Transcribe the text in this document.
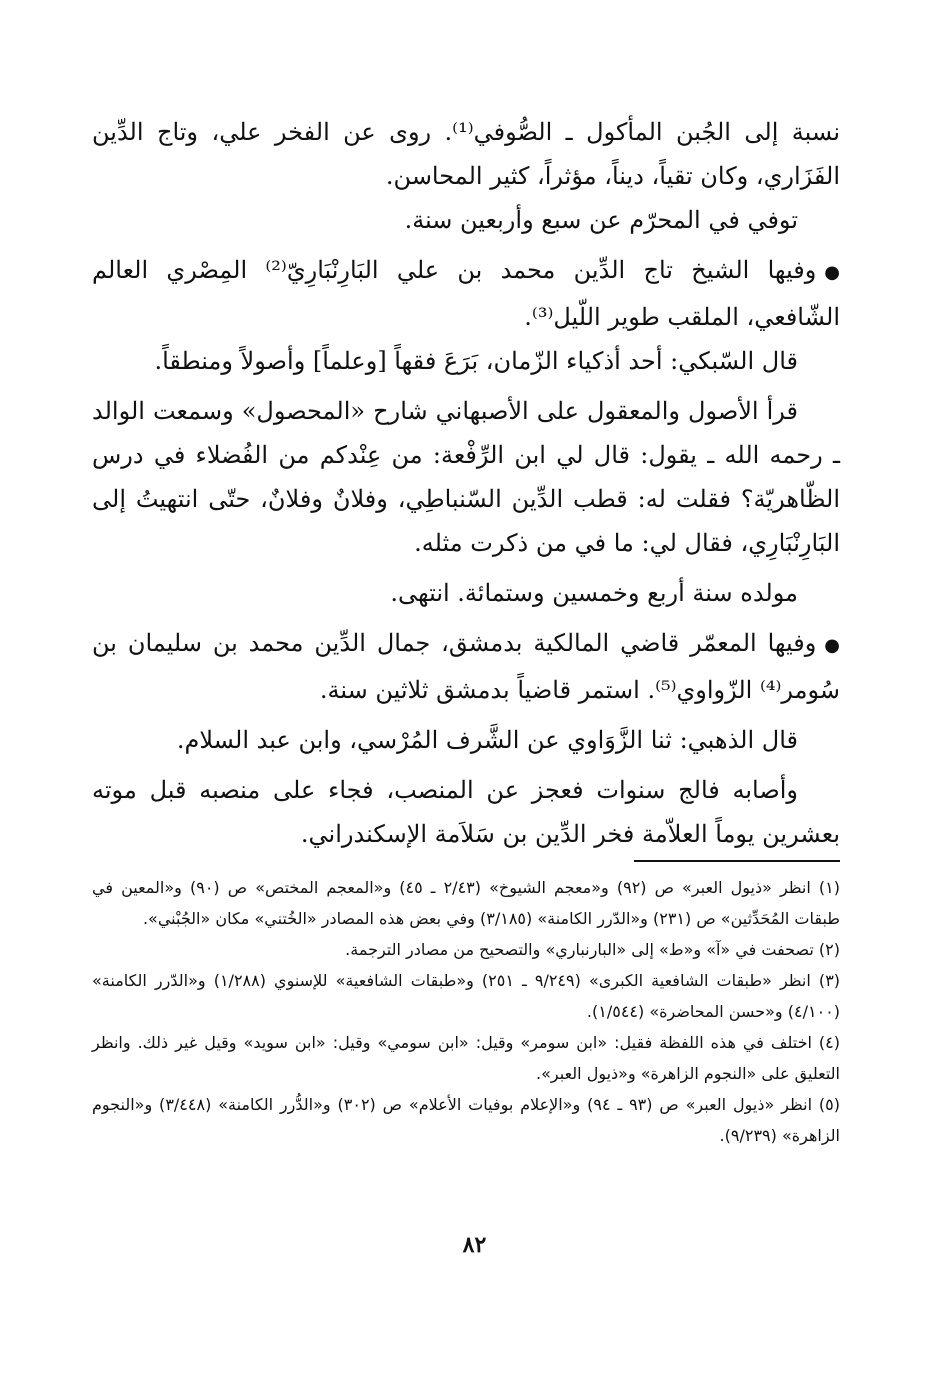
نسبة إلى الجُبن المأكول ـ الصُّوفي⁽¹⁾. روى عن الفخر علي، وتاج الدِّين الفَزَاري، وكان تقياً، ديناً، مؤثراً، كثير المحاسن.

توفي في المحرّم عن سبع وأربعين سنة.

●وفيها الشيخ تاج الدِّين محمد بن علي البَارِنْبَارِيّ⁽²⁾ المِصْري العالم الشّافعي، الملقب طوير اللّيل⁽³⁾.

قال السّبكي: أحد أذكياء الزّمان، بَرَعَ فقهاً [وعلماً] وأصولاً ومنطقاً.

قرأ الأصول والمعقول على الأصبهاني شارح «المحصول» وسمعت الوالد ـ رحمه الله ـ يقول: قال لي ابن الرِّفْعة: من عِنْدكم من الفُضلاء في درس الظّاهريّة؟ فقلت له: قطب الدِّين السّنباطِي، وفلانٌ وفلانٌ، حتّى انتهيتُ إلى البَارِنْبَارِي، فقال لي: ما في من ذكرت مثله.

مولده سنة أربع وخمسين وستمائة. انتهى.

●وفيها المعمّر قاضي المالكية بدمشق، جمال الدِّين محمد بن سليمان بن سُومر⁽⁴⁾ الزّواوي⁽⁵⁾. استمر قاضياً بدمشق ثلاثين سنة.

قال الذهبي: ثنا الزَّوَاوي عن الشَّرف المُرْسي، وابن عبد السلام.

وأصابه فالج سنوات فعجز عن المنصب، فجاء على منصبه قبل موته بعشرين يوماً العلاّمة فخر الدِّين بن سَلاَمة الإسكندراني.

(١) انظر «ذيول العبر» ص (٩٢) و«معجم الشيوخ» (٢/٤٣ ـ ٤٥) و«المعجم المختص» ص (٩٠) و«المعين في طبقات المُحَدِّثين» ص (٢٣١) و«الدّرر الكامنة» (٣/١٨٥) وفي بعض هذه المصادر «الخُتني» مكان «الجُبْني».

(٢) تصحفت في «آ» و«ط» إلى «البارنباري» والتصحيح من مصادر الترجمة.

(٣) انظر «طبقات الشافعية الكبرى» (٩/٢٤٩ ـ ٢٥١) و«طبقات الشافعية» للإسنوي (١/٢٨٨) و«الدّرر الكامنة» (٤/١٠٠) و«حسن المحاضرة» (١/٥٤٤).

(٤) اختلف في هذه اللفظة فقيل: «ابن سومر» وقيل: «ابن سومي» وقيل: «ابن سويد» وقيل غير ذلك. وانظر التعليق على «النجوم الزاهرة» و«ذيول العبر».

(٥) انظر «ذيول العبر» ص (٩٣ ـ ٩٤) و«الإعلام بوفيات الأعلام» ص (٣٠٢) و«الدُّرر الكامنة» (٣/٤٤٨) و«النجوم الزاهرة» (٩/٢٣٩).

٨٢
